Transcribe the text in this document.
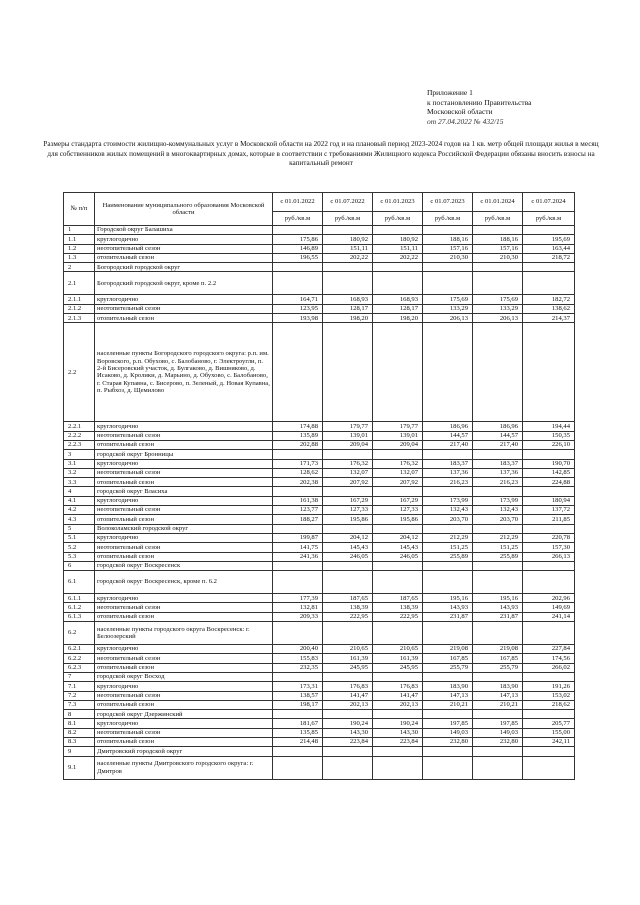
Приложение 1
к постановлению Правительства
Московской области
от 27.04.2022 № 432/15
Размеры стандарта стоимости жилищно-коммунальных услуг в Московской области на 2022 год и на плановый период 2023-2024 годов на 1 кв. метр общей площади жилья в месяц для собственников жилых помещений в многоквартирных домах, которые в соответствии с требованиями Жилищного кодекса Российской Федерации обязаны вносить взносы на капитальный ремонт
№ п/п	Наименование муниципального образования Московской области	с 01.01.2022	с 01.07.2022	с 01.01.2023	с 01.07.2023	с 01.01.2024	с 01.07.2024
		руб./кв.м	руб./кв.м	руб./кв.м	руб./кв.м	руб./кв.м	руб./кв.м
1	Городской округ Балашиха						
1.1	круглогодично	175,86	180,92	180,92	188,16	188,16	195,69
1.2	неотопительный сезон	146,89	151,11	151,11	157,16	157,16	163,44
1.3	отопительный сезон	196,55	202,22	202,22	210,30	210,30	218,72
2	Богородский городской округ						
2.1	Богородский городской округ, кроме п. 2.2						
2.1.1	круглогодично	164,71	168,93	168,93	175,69	175,69	182,72
2.1.2	неотопительный сезон	123,95	128,17	128,17	133,29	133,29	138,62
2.1.3	отопительный сезон	193,98	198,20	198,20	206,13	206,13	214,37
2.2	населенные пункты Богородского городского округа: р.п. им. Воровского, р.п. Обухово, с. Балобаново, г. Электроугли, п. 2-й Бисеровский участок, д. Булгаково, д. Вишняково, д. Исаково, д. Кролики, д. Марьино, д. Обухово, с. Балобаново, г. Старая Купавна, с. Бисерово, п. Зеленый, д. Новая Купавна, п. Рыбхоз, д. Щемилово						
2.2.1	круглогодично	174,88	179,77	179,77	186,96	186,96	194,44
2.2.2	неотопительный сезон	135,89	139,01	139,01	144,57	144,57	150,35
2.2.3	отопительный сезон	202,88	209,04	209,04	217,40	217,40	226,10
3	городской округ Бронницы						
3.1	круглогодично	171,73	176,32	176,32	183,37	183,37	190,70
3.2	неотопительный сезон	128,62	132,07	132,07	137,36	137,36	142,85
3.3	отопительный сезон	202,38	207,92	207,92	216,23	216,23	224,88
4	городской округ Власиха						
4.1	круглогодично	161,38	167,29	167,29	173,99	173,99	180,94
4.2	неотопительный сезон	123,77	127,33	127,33	132,43	132,43	137,72
4.3	отопительный сезон	188,27	195,86	195,86	203,70	203,70	211,85
5	Волоколамский городской округ						
5.1	круглогодично	199,87	204,12	204,12	212,29	212,29	220,78
5.2	неотопительный сезон	141,75	145,43	145,43	151,25	151,25	157,30
5.3	отопительный сезон	241,36	246,05	246,05	255,89	255,89	266,13
6	городской округ Воскресенск						
6.1	городской округ Воскресенск, кроме п. 6.2						
6.1.1	круглогодично	177,39	187,65	187,65	195,16	195,16	202,96
6.1.2	неотопительный сезон	132,81	138,39	138,39	143,93	143,93	149,69
6.1.3	отопительный сезон	209,33	222,95	222,95	231,87	231,87	241,14
6.2	населенные пункты городского округа Воскресенск: г. Белоозерский						
6.2.1	круглогодично	200,40	210,65	210,65	219,08	219,08	227,84
6.2.2	неотопительный сезон	155,83	161,39	161,39	167,85	167,85	174,56
6.2.3	отопительный сезон	232,35	245,95	245,95	255,79	255,79	266,02
7	городской округ Восход						
7.1	круглогодично	173,31	176,83	176,83	183,90	183,90	191,26
7.2	неотопительный сезон	138,57	141,47	141,47	147,13	147,13	153,02
7.3	отопительный сезон	198,17	202,13	202,13	210,21	210,21	218,62
8	городской округ Дзержинский						
8.1	круглогодично	181,67	190,24	190,24	197,85	197,85	205,77
8.2	неотопительный сезон	135,85	143,30	143,30	149,03	149,03	155,00
8.3	отопительный сезон	214,48	223,84	223,84	232,80	232,80	242,11
9	Дмитровский городской округ						
9.1	населенные пункты Дмитровского городского округа: г. Дмитров						
